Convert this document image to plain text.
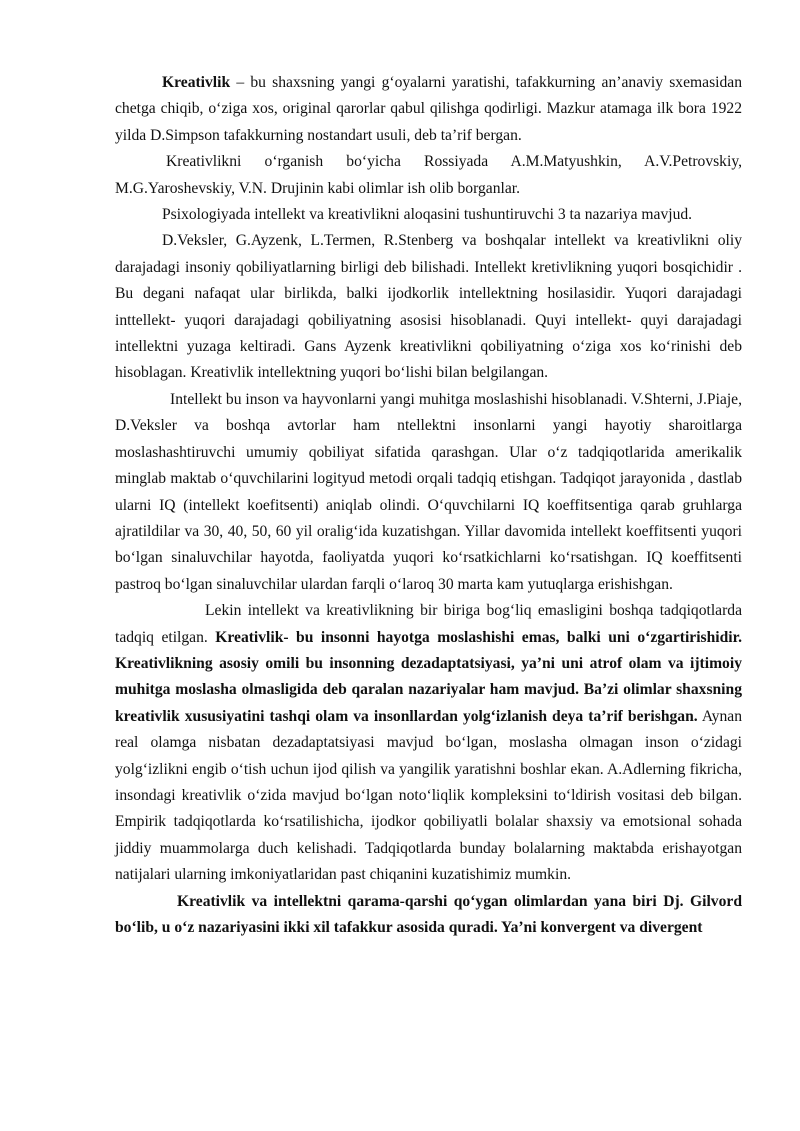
Kreativlik – bu shaxsning yangi g‘oyalarni yaratishi, tafakkurning an’anaviy sxemasidan chetga chiqib, o‘ziga xos, original qarorlar qabul qilishga qodirligi. Mazkur atamaga ilk bora 1922 yilda D.Simpson tafakkurning nostandart usuli, deb ta’rif bergan.

Kreativlikni o‘rganish bo‘yicha Rossiyada A.M.Matyushkin, A.V.Petrovskiy, M.G.Yaroshevskiy, V.N. Drujinin kabi olimlar ish olib borganlar.

Psixologiyada intellekt va kreativlikni aloqasini tushuntiruvchi 3 ta nazariya mavjud.

D.Veksler, G.Ayzenk, L.Termen, R.Stenberg va boshqalar intellekt va kreativlikni oliy darajadagi insoniy qobiliyatlarning birligi deb bilishadi. Intellekt kretivlikning yuqori bosqichidir . Bu degani nafaqat ular birlikda, balki ijodkorlik intellektning hosilasidir. Yuqori darajadagi inttellekt- yuqori darajadagi qobiliyatning asosisi hisoblanadi. Quyi intellekt- quyi darajadagi intellektni yuzaga keltiradi. Gans Ayzenk kreativlikni qobiliyatning o‘ziga xos ko‘rinishi deb hisoblagan. Kreativlik intellektning yuqori bo‘lishi bilan belgilangan.

Intellekt bu inson va hayvonlarni yangi muhitga moslashishi hisoblanadi. V.Shterni, J.Piaje, D.Veksler va boshqa avtorlar ham ntellektni insonlarni yangi hayotiy sharoitlarga moslashashtiruvchi umumiy qobiliyat sifatida qarashgan. Ular o‘z tadqiqotlarida amerikalik minglab maktab o‘quvchilarini logityud metodi orqali tadqiq etishgan. Tadqiqot jarayonida , dastlab ularni IQ (intellekt koefitsenti) aniqlab olindi. O‘quvchilarni IQ koeffitsentiga qarab gruhlarga ajratildilar va 30, 40, 50, 60 yil oralig‘ida kuzatishgan. Yillar davomida intellekt koeffitsenti yuqori bo‘lgan sinaluvchilar hayotda, faoliyatda yuqori ko‘rsatkichlarni ko‘rsatishgan. IQ koeffitsenti pastroq bo‘lgan sinaluvchilar ulardan farqli o‘laroq 30 marta kam yutuqlarga erishishgan.

Lekin intellekt va kreativlikning bir biriga bog‘liq emasligini boshqa tadqiqotlarda tadqiq etilgan. Kreativlik- bu insonni hayotga moslashishi emas, balki uni o‘zgartirishidir. Kreativlikning asosiy omili bu insonning dezadaptatsiyasi, ya’ni uni atrof olam va ijtimoiy muhitga moslasha olmasligida deb qaralan nazariyalar ham mavjud. Ba’zi olimlar shaxsning kreativlik xususiyatini tashqi olam va insonllardan yolg‘izlanish deya ta’rif berishgan. Aynan real olamga nisbatan dezadaptatsiyasi mavjud bo‘lgan, moslasha olmagan inson o‘zidagi yolg‘izlikni engib o‘tish uchun ijod qilish va yangilik yaratishni boshlar ekan. A.Adlerning fikricha, insondagi kreativlik o‘zida mavjud bo‘lgan noto‘liqlik kompleksini to‘ldirish vositasi deb bilgan. Empirik tadqiqotlarda ko‘rsatilishicha, ijodkor qobiliyatli bolalar shaxsiy va emotsional sohada jiddiy muammolarga duch kelishadi. Tadqiqotlarda bunday bolalarning maktabda erishayotgan natijalari ularning imkoniyatlaridan past chiqanini kuzatishimiz mumkin.

Kreativlik va intellektni qarama-qarshi qo‘ygan olimlardan yana biri Dj. Gilvord bo‘lib, u o‘z nazariyasini ikki xil tafakkur asosida quradi. Ya’ni konvergent va divergent
